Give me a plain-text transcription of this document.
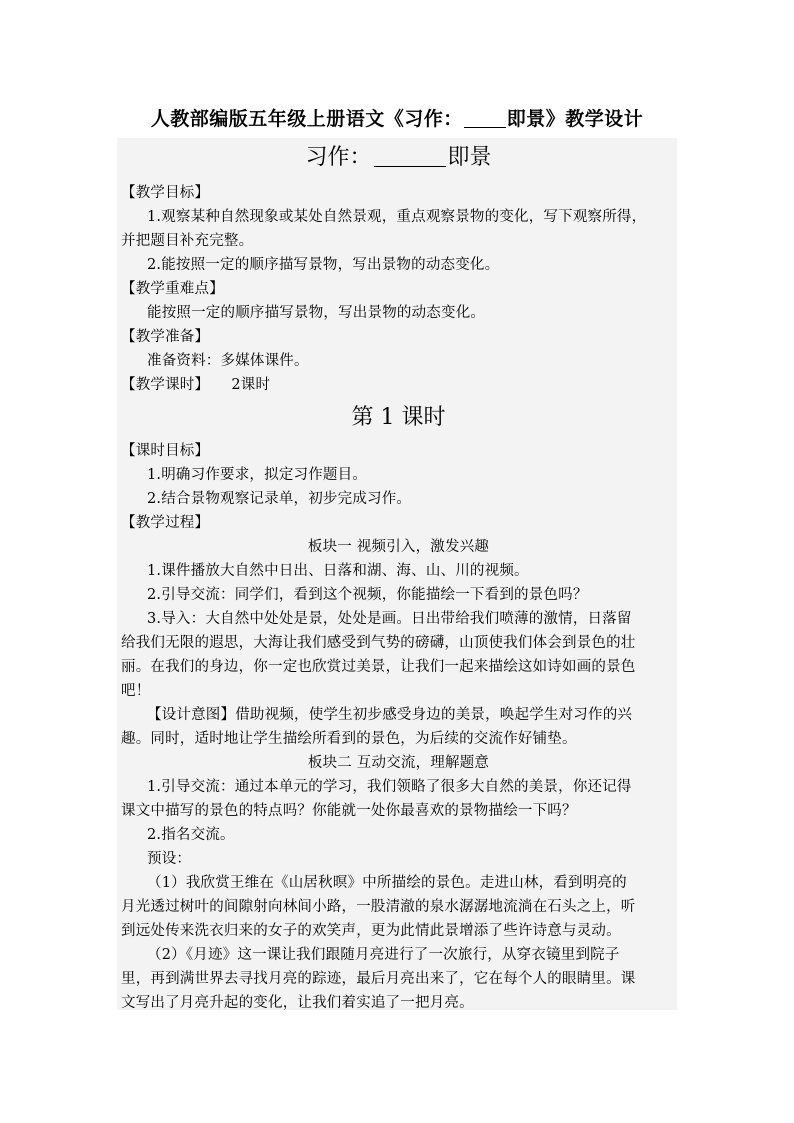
人教部编版五年级上册语文《习作： 即景》教学设计
习作：	即景
【教学目标】
1.观察某种自然现象或某处自然景观，重点观察景物的变化，写下观察所得，
并把题目补充完整。
2.能按照一定的顺序描写景物，写出景物的动态变化。
【教学重难点】
能按照一定的顺序描写景物，写出景物的动态变化。
【教学准备】
准备资料：多媒体课件。
【教学课时】　　2课时
第 1 课时
【课时目标】
1.明确习作要求，拟定习作题目。
2.结合景物观察记录单，初步完成习作。
【教学过程】
板块一 视频引入，激发兴趣
1.课件播放大自然中日出、日落和湖、海、山、川的视频。
2.引导交流：同学们，看到这个视频，你能描绘一下看到的景色吗？
3.导入：大自然中处处是景，处处是画。日出带给我们喷薄的激情，日落留
给我们无限的遐思，大海让我们感受到气势的磅礴，山顶使我们体会到景色的壮
丽。在我们的身边，你一定也欣赏过美景，让我们一起来描绘这如诗如画的景色
吧！
【设计意图】借助视频，使学生初步感受身边的美景，唤起学生对习作的兴
趣。同时，适时地让学生描绘所看到的景色，为后续的交流作好铺垫。
板块二 互动交流，理解题意
1.引导交流：通过本单元的学习，我们领略了很多大自然的美景，你还记得
课文中描写的景色的特点吗？你能就一处你最喜欢的景物描绘一下吗？
2.指名交流。
预设：
（1）我欣赏王维在《山居秋暝》中所描绘的景色。走进山林，看到明亮的
月光透过树叶的间隙射向林间小路，一股清澈的泉水潺潺地流淌在石头之上，听
到远处传来洗衣归来的女子的欢笑声，更为此情此景增添了些许诗意与灵动。
（2）《月迹》这一课让我们跟随月亮进行了一次旅行，从穿衣镜里到院子
里，再到满世界去寻找月亮的踪迹，最后月亮出来了，它在每个人的眼睛里。课
文写出了月亮升起的变化，让我们着实追了一把月亮。
